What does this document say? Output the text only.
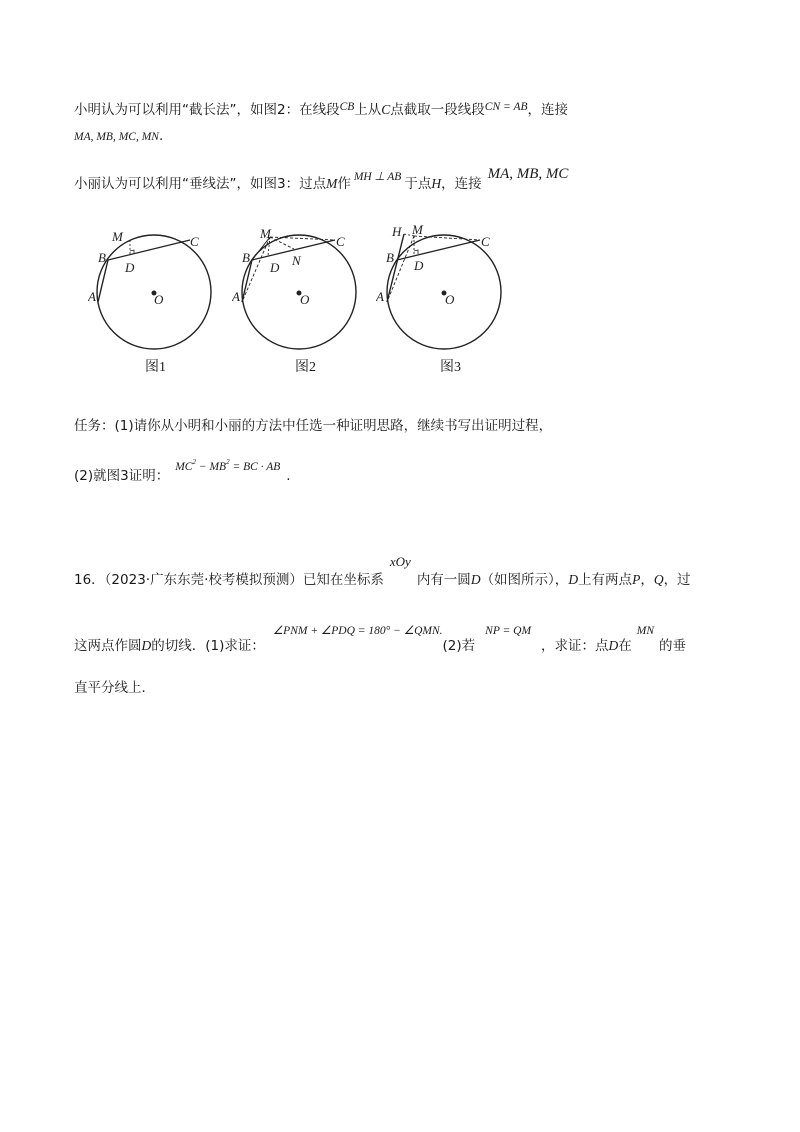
小明认为可以利用“截长法”，如图2：在线段CB上从C点截取一段线段CN = AB，连接
MA, MB, MC, MN.
小丽认为可以利用“垂线法”，如图3：过点M作 MH ⊥ AB 于点H，连接MA, MB, MC
M
B
C
D
A	O
图1
M
B
C
D N
A	O
图2
H M
B
C
D
A	O
图3
任务：(1)请你从小明和小丽的方法中任选一种证明思路，继续书写出证明过程，
(2)就图3证明：$MC^2 - MB^2$ = BC · AB.
16．（2023·广东东莞·校考模拟预测）已知在坐标系xOy内有一圆D（如图所示），D上有两点P，Q，过
这两点作圆D的切线．(1)求证：∠PNM + ∠PDQ = 180° − ∠QMN.(2)若NP = QM，求证：点D在MN的垂
直平分线上．
